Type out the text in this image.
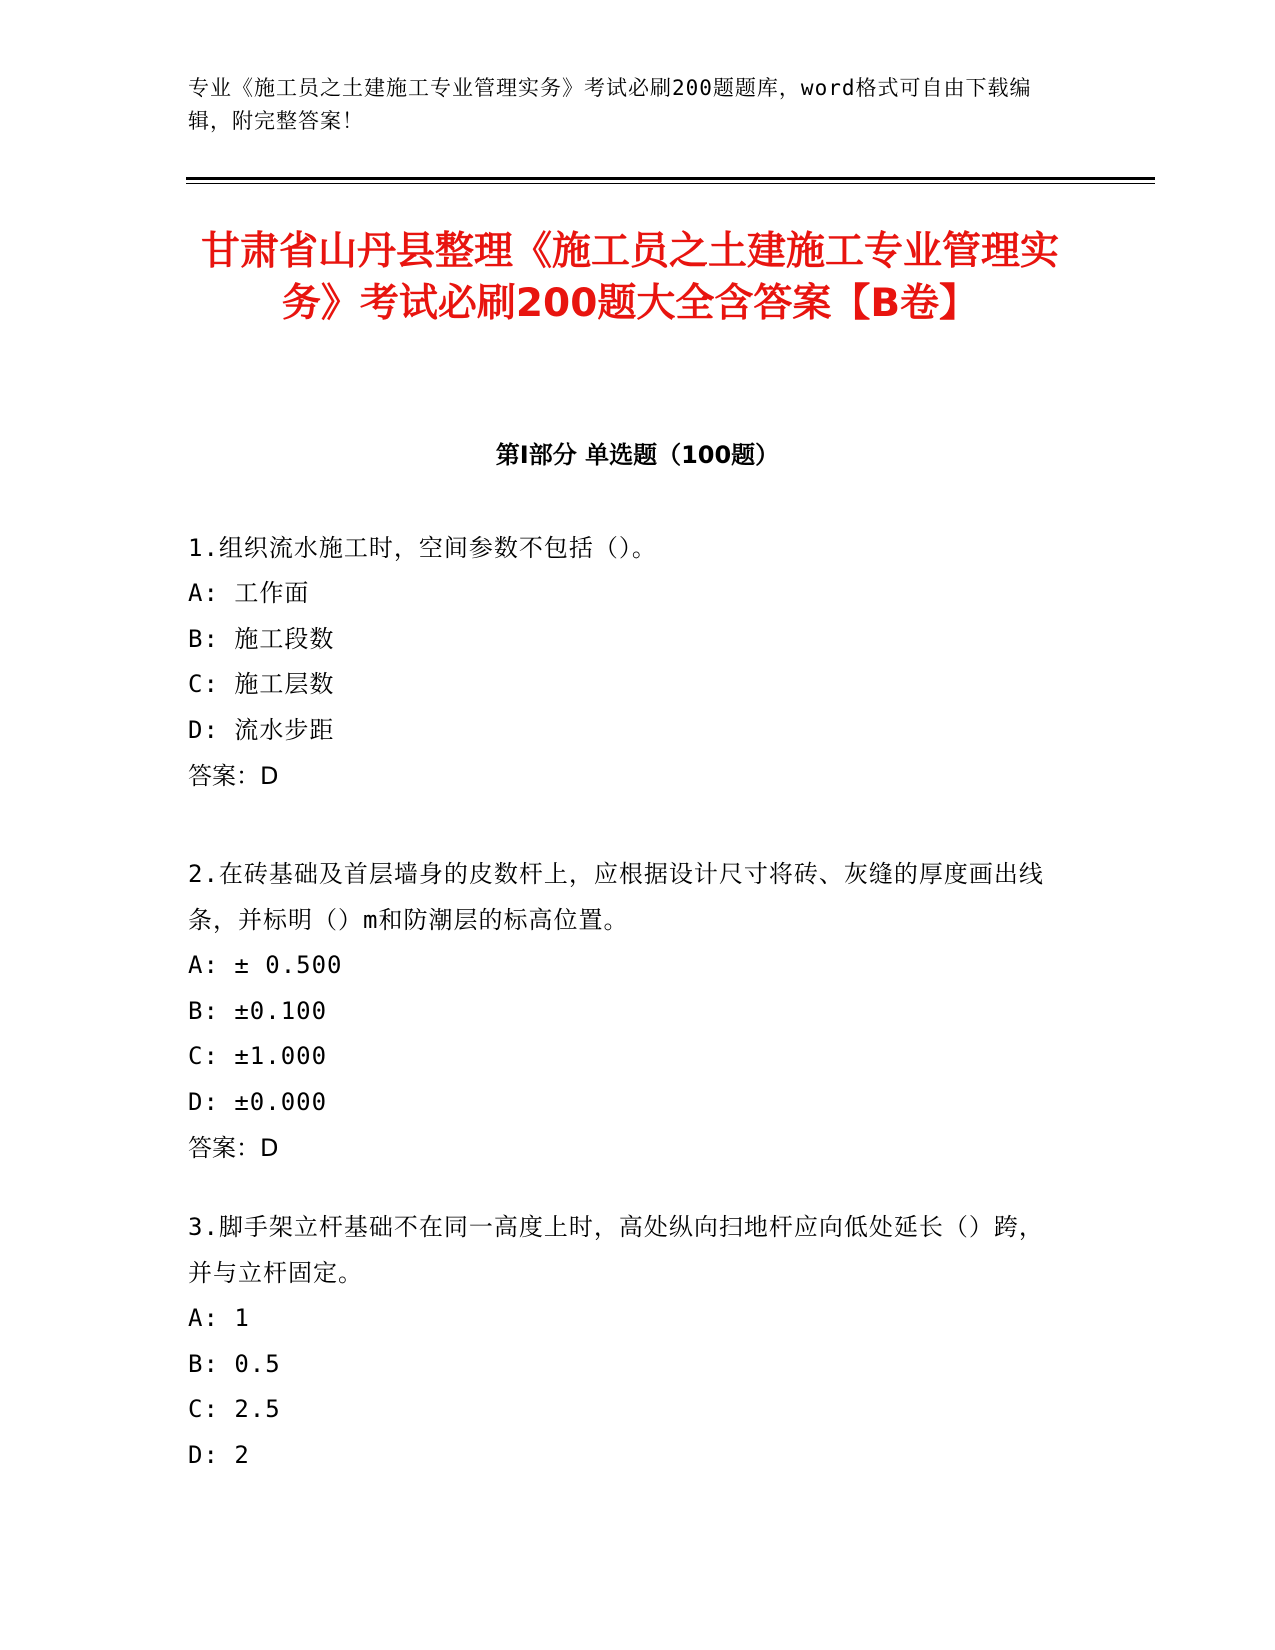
专业《施工员之土建施工专业管理实务》考试必刷200题题库，word格式可自由下载编辑，附完整答案！

甘肃省山丹县整理《施工员之土建施工专业管理实务》考试必刷200题大全含答案【B卷】
第I部分 单选题（100题）

1.组织流水施工时，空间参数不包括（）。

A: 工作面

B: 施工段数

C: 施工层数

D: 流水步距

答案：D

2.在砖基础及首层墙身的皮数杆上，应根据设计尺寸将砖、灰缝的厚度画出线条，并标明（）m和防潮层的标高位置。

A: ± 0.500

B: ±0.100

C: ±1.000

D: ±0.000

答案：D

3.脚手架立杆基础不在同一高度上时，高处纵向扫地杆应向低处延长（）跨，并与立杆固定。

A: 1

B: 0.5

C: 2.5

D: 2
